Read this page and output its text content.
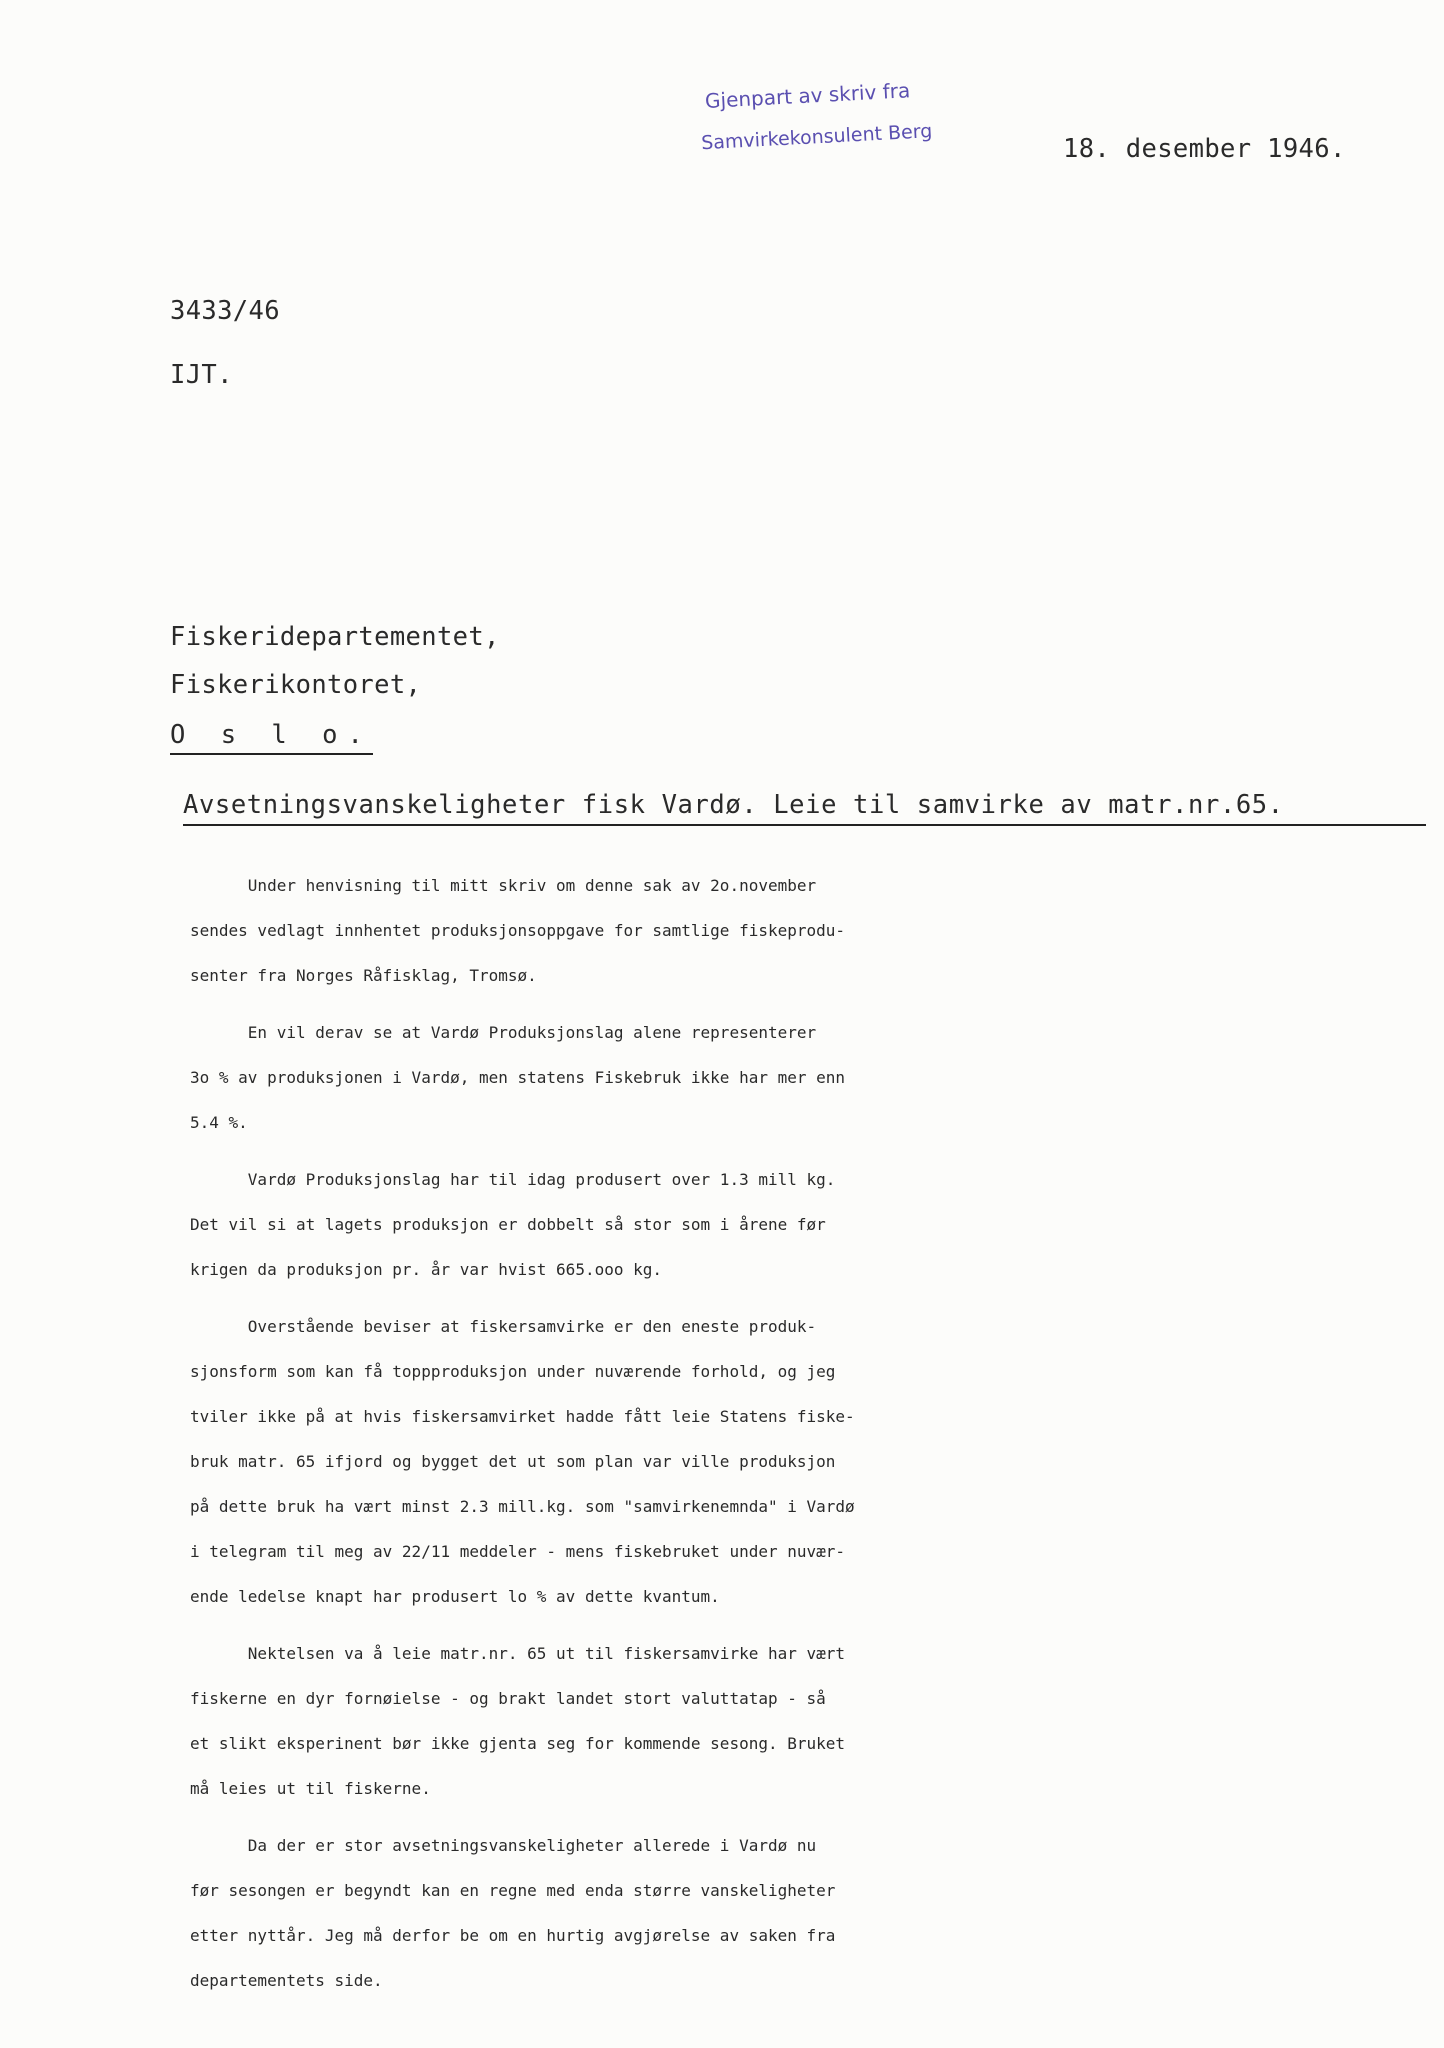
Gjenpart av skriv fra
Samvirkekonsulent Berg	18. desember 1946.
3433/46
IJT.
Fiskeridepartementet,
Fiskerikontoret,
O s l o.
Avsetningsvanskeligheter fisk Vardø. Leie til samvirke av matr.nr.65.
Under henvisning til mitt skriv om denne sak av 2o.november
sendes vedlagt innhentet produksjonsoppgave for samtlige fiskeprodu-
senter fra Norges Råfisklag, Tromsø.
En vil derav se at Vardø Produksjonslag alene representerer
3o % av produksjonen i Vardø, men statens Fiskebruk ikke har mer enn
5.4 %.
Vardø Produksjonslag har til idag produsert over 1.3 mill kg.
Det vil si at lagets produksjon er dobbelt så stor som i årene før
krigen da produksjon pr. år var hvist 665.ooo kg.
Overstående beviser at fiskersamvirke er den eneste produk-
sjonsform som kan få toppproduksjon under nuværende forhold, og jeg
tviler ikke på at hvis fiskersamvirket hadde fått leie Statens fiske-
bruk matr. 65 ifjord og bygget det ut som plan var ville produksjon
på dette bruk ha vært minst 2.3 mill.kg. som "samvirkenemnda" i Vardø
i telegram til meg av 22/11 meddeler - mens fiskebruket under nuvær-
ende ledelse knapt har produsert lo % av dette kvantum.
Nektelsen va å leie matr.nr. 65 ut til fiskersamvirke har vært
fiskerne en dyr fornøielse - og brakt landet stort valuttatap - så
et slikt eksperinent bør ikke gjenta seg for kommende sesong. Bruket
må leies ut til fiskerne.
Da der er stor avsetningsvanskeligheter allerede i Vardø nu
før sesongen er begyndt kan en regne med enda større vanskeligheter
etter nyttår. Jeg må derfor be om en hurtig avgjørelse av saken fra
departementets side.
